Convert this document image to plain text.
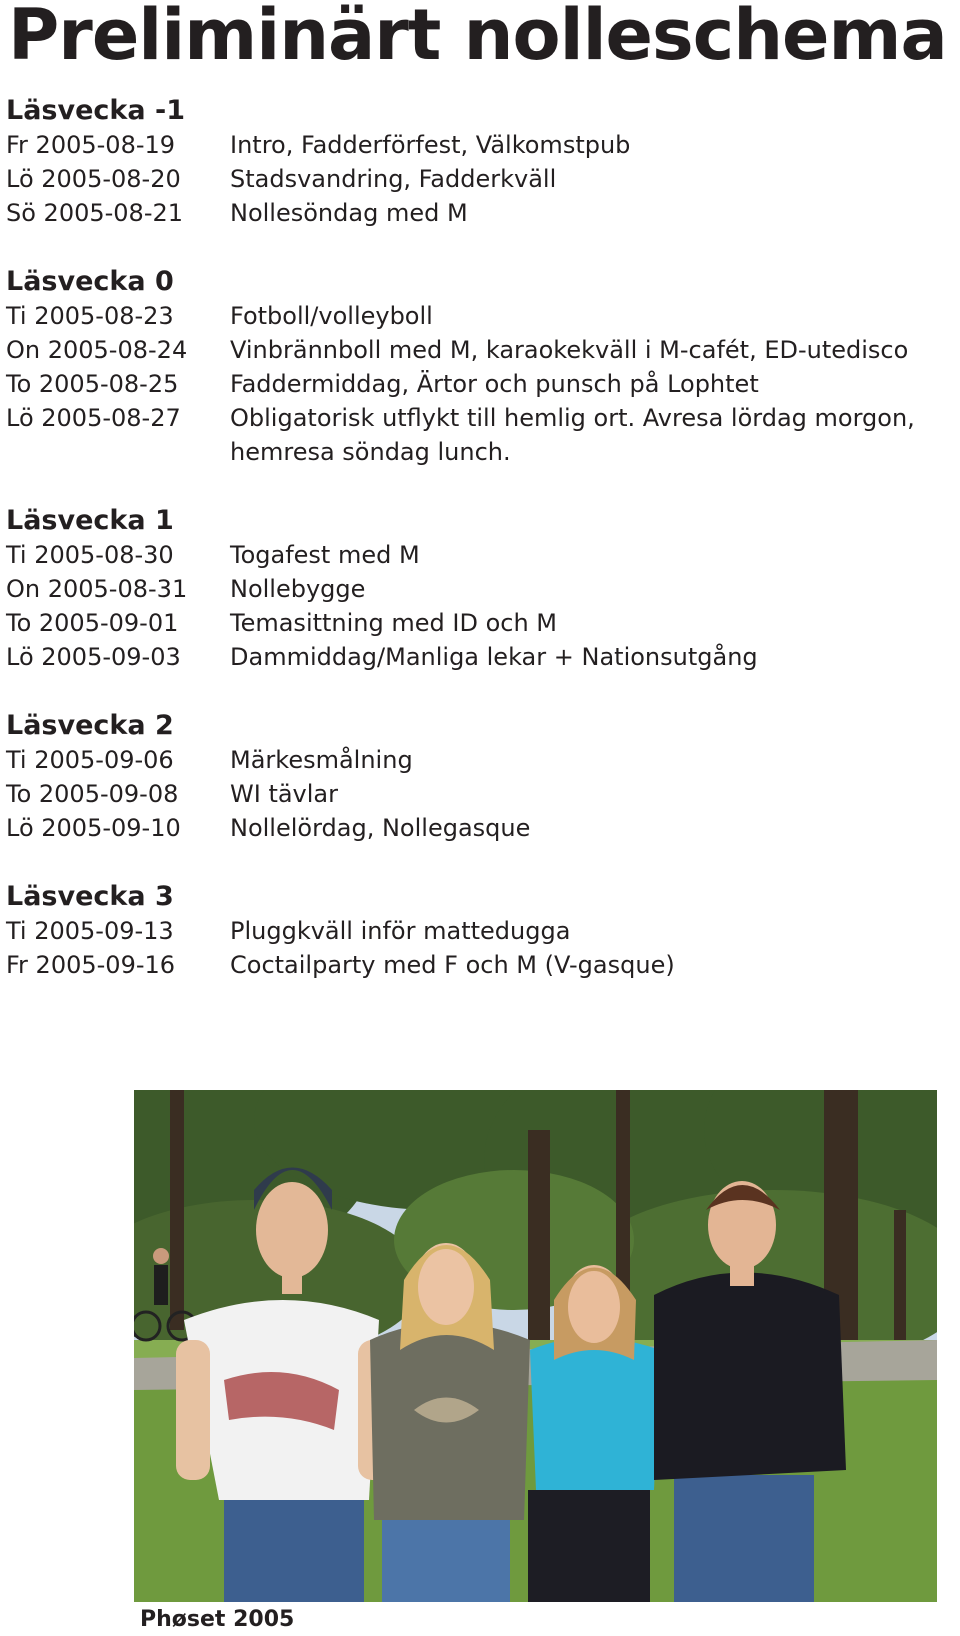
Preliminärt nolleschema
Läsvecka -1
Fr 2005-08-19	Intro, Fadderförfest, Välkomstpub
Lö 2005-08-20	Stadsvandring, Fadderkväll
Sö 2005-08-21	Nollesöndag med M
Läsvecka 0
Ti 2005-08-23	Fotboll/volleyboll
On 2005-08-24	Vinbrännboll med M, karaokekväll i M-cafét, ED-utedisco
To 2005-08-25	Faddermiddag, Ärtor och punsch på Lophtet
Lö 2005-08-27	Obligatorisk utflykt till hemlig ort. Avresa lördag morgon, hemresa söndag lunch.
Läsvecka 1
Ti 2005-08-30	Togafest med M
On 2005-08-31	Nollebygge
To 2005-09-01	Temasittning med ID och M
Lö 2005-09-03	Dammiddag/Manliga lekar + Nationsutgång
Läsvecka 2
Ti 2005-09-06	Märkesmålning
To 2005-09-08	WI tävlar
Lö 2005-09-10	Nollelördag, Nollegasque
Läsvecka 3
Ti 2005-09-13	Pluggkväll inför mattedugga
Fr 2005-09-16	Coctailparty med F och M (V-gasque)

Phøset 2005
